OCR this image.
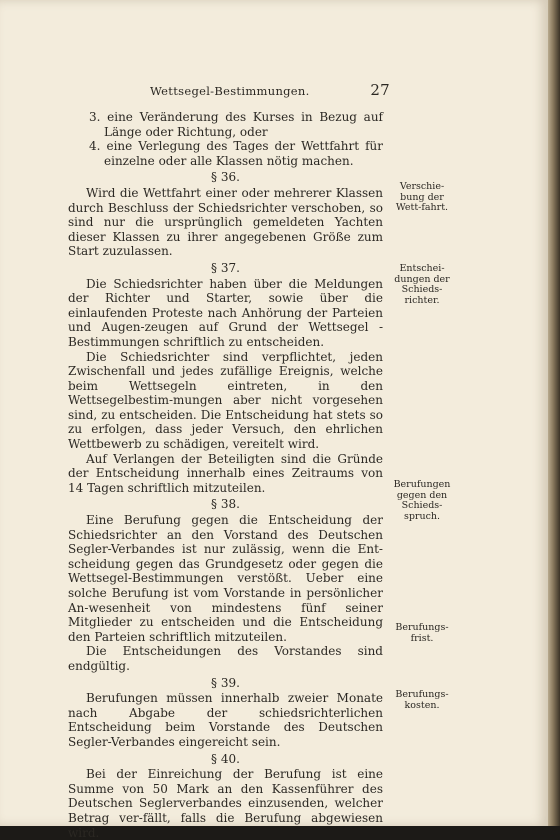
Wettsegel-Bestimmungen.	27

3. eine Veränderung des Kurses in Bezug auf Länge oder Richtung, oder

4. eine Verlegung des Tages der Wettfahrt für einzelne oder alle Klassen nötig machen.

§ 36.

Wird die Wettfahrt einer oder mehrerer Klassen durch Beschluss der Schiedsrichter verschoben, so sind nur die ursprünglich gemeldeten Yachten dieser Klassen zu ihrer angegebenen Größe zum Start zuzulassen.

§ 37.

Die Schiedsrichter haben über die Meldungen der Richter und Starter, sowie über die einlaufenden Proteste nach Anhörung der Parteien und Augen-zeugen auf Grund der Wettsegel - Bestimmungen schriftlich zu entscheiden.

Die Schiedsrichter sind verpflichtet, jeden Zwischenfall und jedes zufällige Ereignis, welche beim Wettsegeln eintreten, in den Wettsegelbestim-mungen aber nicht vorgesehen sind, zu entscheiden. Die Entscheidung hat stets so zu erfolgen, dass jeder Versuch, den ehrlichen Wettbewerb zu schädigen, vereitelt wird.

Auf Verlangen der Beteiligten sind die Gründe der Entscheidung innerhalb eines Zeitraums von 14 Tagen schriftlich mitzuteilen.

§ 38.

Eine Berufung gegen die Entscheidung der Schiedsrichter an den Vorstand des Deutschen Segler-Verbandes ist nur zulässig, wenn die Ent-scheidung gegen das Grundgesetz oder gegen die Wettsegel-Bestimmungen verstößt. Ueber eine solche Berufung ist vom Vorstande in persönlicher An-wesenheit von mindestens fünf seiner Mitglieder zu entscheiden und die Entscheidung den Parteien schriftlich mitzuteilen.

Die Entscheidungen des Vorstandes sind endgültig.

§ 39.

Berufungen müssen innerhalb zweier Monate nach Abgabe der schiedsrichterlichen Entscheidung beim Vorstande des Deutschen Segler-Verbandes eingereicht sein.

§ 40.

Bei der Einreichung der Berufung ist eine Summe von 50 Mark an den Kassenführer des Deutschen Seglerverbandes einzusenden, welcher Betrag ver-fällt, falls die Berufung abgewiesen wird.

Verschie-bung der Wett-fahrt.
Entschei-dungen der Schieds-richter.
Berufungen gegen den Schieds-spruch.
Berufungs-frist.
Berufungs-kosten.
